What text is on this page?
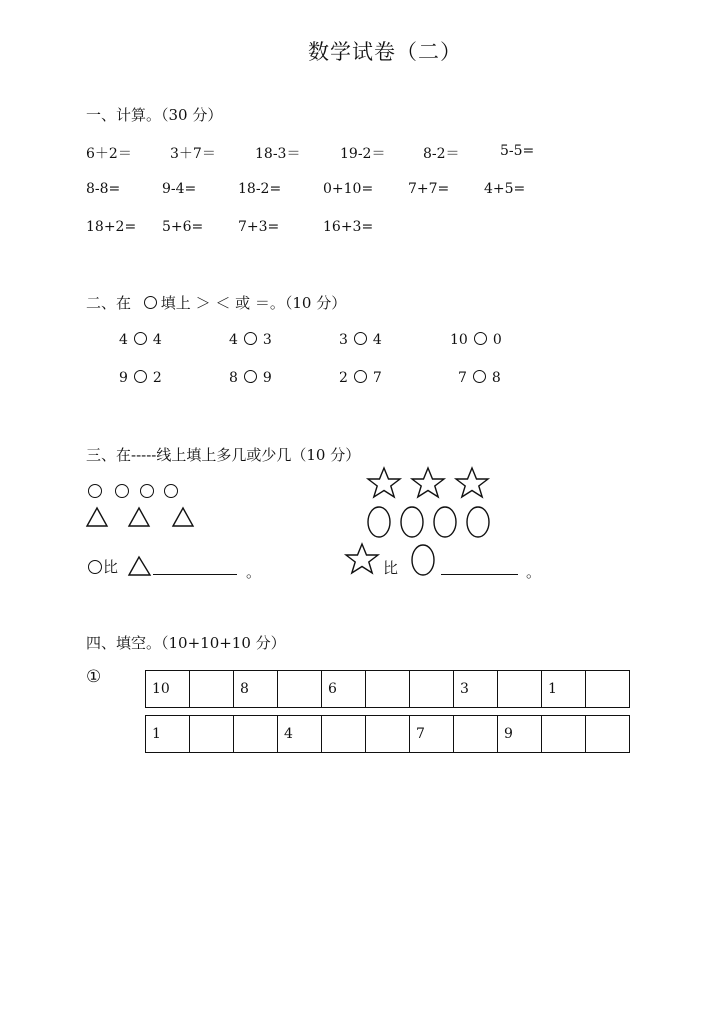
数学试卷（二）
一、计算。（30 分）
6＋2＝	3＋7＝	18-3＝	19-2＝	8-2＝	5-5=
8-8=	9-4=	18-2=	0+10= 7+7= 4+5=
18+2= 5+6= 7+3=	16+3=
二、在 填上 ＞ ＜ 或 ＝。（10 分）
4 4	4 3	3 4	10 0
9 2	8 9	2 7	7 8
三、在-----线上填上多几或少几（10 分）
比	。	比	。
四、填空。（10+10+10 分）
①
10		8		6			3		1	
1			4			7		9		
